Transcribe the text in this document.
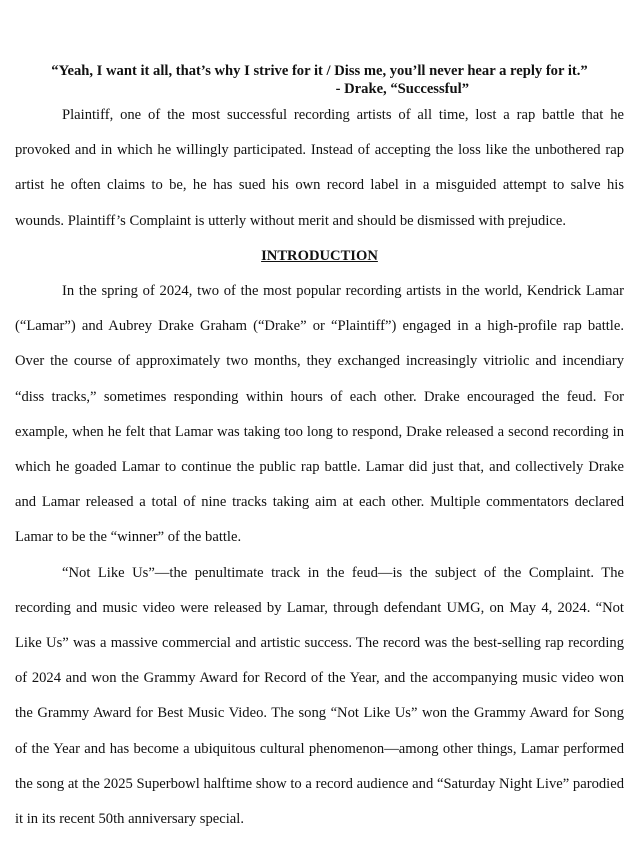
“Yeah, I want it all, that’s why I strive for it / Diss me, you’ll never hear a reply for it.”
- Drake, “Successful”

Plaintiff, one of the most successful recording artists of all time, lost a rap battle that he provoked and in which he willingly participated. Instead of accepting the loss like the unbothered rap artist he often claims to be, he has sued his own record label in a misguided attempt to salve his wounds. Plaintiff’s Complaint is utterly without merit and should be dismissed with prejudice.

INTRODUCTION

In the spring of 2024, two of the most popular recording artists in the world, Kendrick Lamar (“Lamar”) and Aubrey Drake Graham (“Drake” or “Plaintiff”) engaged in a high-profile rap battle. Over the course of approximately two months, they exchanged increasingly vitriolic and incendiary “diss tracks,” sometimes responding within hours of each other. Drake encouraged the feud. For example, when he felt that Lamar was taking too long to respond, Drake released a second recording in which he goaded Lamar to continue the public rap battle. Lamar did just that, and collectively Drake and Lamar released a total of nine tracks taking aim at each other. Multiple commentators declared Lamar to be the “winner” of the battle.

“Not Like Us”—the penultimate track in the feud—is the subject of the Complaint. The recording and music video were released by Lamar, through defendant UMG, on May 4, 2024. “Not Like Us” was a massive commercial and artistic success. The record was the best-selling rap recording of 2024 and won the Grammy Award for Record of the Year, and the accompanying music video won the Grammy Award for Best Music Video. The song “Not Like Us” won the Grammy Award for Song of the Year and has become a ubiquitous cultural phenomenon—among other things, Lamar performed the song at the 2025 Superbowl halftime show to a record audience and “Saturday Night Live” parodied it in its recent 50th anniversary special.
